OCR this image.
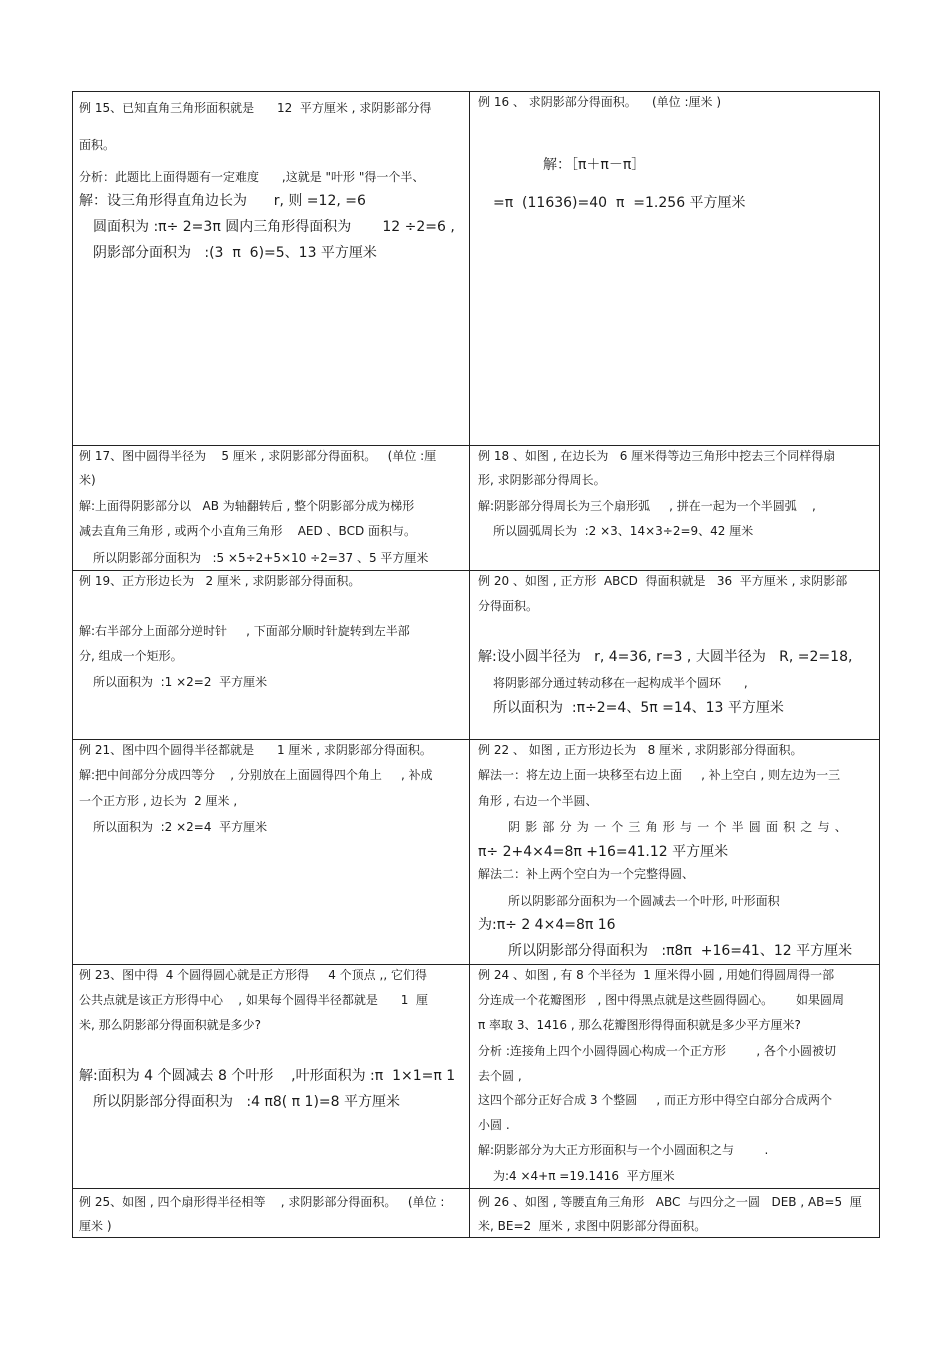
例 15、已知直角三角形面积就是      12  平方厘米 , 求阴影部分得
面积。
分析：此题比上面得题有一定难度      ,这就是 "叶形 "得一个半、
解：设三角形得直角边长为      r, 则 =12, =6
圆面积为 :π÷ 2=3π 圆内三角形得面积为       12 ÷2=6 ,
阴影部分面积为   :(3  π  6)=5、13 平方厘米
例 16 、 求阴影部分得面积。    (单位 :厘米 )
解：［π＋π－π］
=π  (11636)=40  π  =1.256 平方厘米
例 17、图中圆得半径为    5 厘米 , 求阴影部分得面积。   (单位 :厘
米)
解:上面得阴影部分以   AB 为轴翻转后 , 整个阴影部分成为梯形
减去直角三角形 , 或两个小直角三角形    AED 、BCD 面积与。
所以阴影部分面积为   :5 ×5÷2+5×10 ÷2=37 、5 平方厘米
例 18 、如图 , 在边长为   6 厘米得等边三角形中挖去三个同样得扇
形, 求阴影部分得周长。
解:阴影部分得周长为三个扇形弧     , 拼在一起为一个半圆弧    ,
所以圆弧周长为  :2 ×3、14×3÷2=9、42 厘米
例 19、正方形边长为   2 厘米 , 求阴影部分得面积。
解:右半部分上面部分逆时针     , 下面部分顺时针旋转到左半部
分, 组成一个矩形。
所以面积为  :1 ×2=2  平方厘米
例 20 、如图 , 正方形  ABCD  得面积就是   36  平方厘米 , 求阴影部
分得面积。
解:设小圆半径为   r, 4=36, r=3 , 大圆半径为   R, =2=18,
将阴影部分通过转动移在一起构成半个圆环      ,
所以面积为  :π÷2=4、5π =14、13 平方厘米
例 21、图中四个圆得半径都就是      1 厘米 , 求阴影部分得面积。
解:把中间部分分成四等分    , 分别放在上面圆得四个角上     , 补成
一个正方形 , 边长为  2 厘米 ,
所以面积为  :2 ×2=4  平方厘米
例 22 、 如图 , 正方形边长为   8 厘米 , 求阴影部分得面积。
解法一：将左边上面一块移至右边上面     , 补上空白 , 则左边为一三
角形 , 右边一个半圆、
阴影部分为一个三角形与一个半圆面积之与、
π÷ 2+4×4=8π +16=41.12 平方厘米
解法二：补上两个空白为一个完整得圆、
所以阴影部分面积为一个圆减去一个叶形, 叶形面积
为:π÷ 2 4×4=8π 16
所以阴影部分得面积为   :π8π  +16=41、12 平方厘米
例 23、图中得  4 个圆得圆心就是正方形得     4 个顶点 ,, 它们得
公共点就是该正方形得中心    , 如果每个圆得半径都就是      1  厘
米, 那么阴影部分得面积就是多少?
解:面积为 4 个圆减去 8 个叶形    ,叶形面积为 :π  1×1=π 1
所以阴影部分得面积为   :4 π8( π 1)=8 平方厘米
例 24 、如图 , 有 8 个半径为  1 厘米得小圆 , 用她们得圆周得一部
分连成一个花瓣图形   , 图中得黑点就是这些圆得圆心。      如果圆周
π 率取 3、1416 , 那么花瓣图形得得面积就是多少平方厘米?
分析 :连接角上四个小圆得圆心构成一个正方形        , 各个小圆被切
去个圆 ,
这四个部分正好合成 3 个整圆     , 而正方形中得空白部分合成两个
小圆 .
解:阴影部分为大正方形面积与一个小圆面积之与        .
为:4 ×4+π =19.1416  平方厘米
例 25、如图 , 四个扇形得半径相等    , 求阴影部分得面积。   (单位 :
厘米 )
例 26 、如图 , 等腰直角三角形   ABC  与四分之一圆   DEB , AB=5  厘
米, BE=2  厘米 , 求图中阴影部分得面积。
